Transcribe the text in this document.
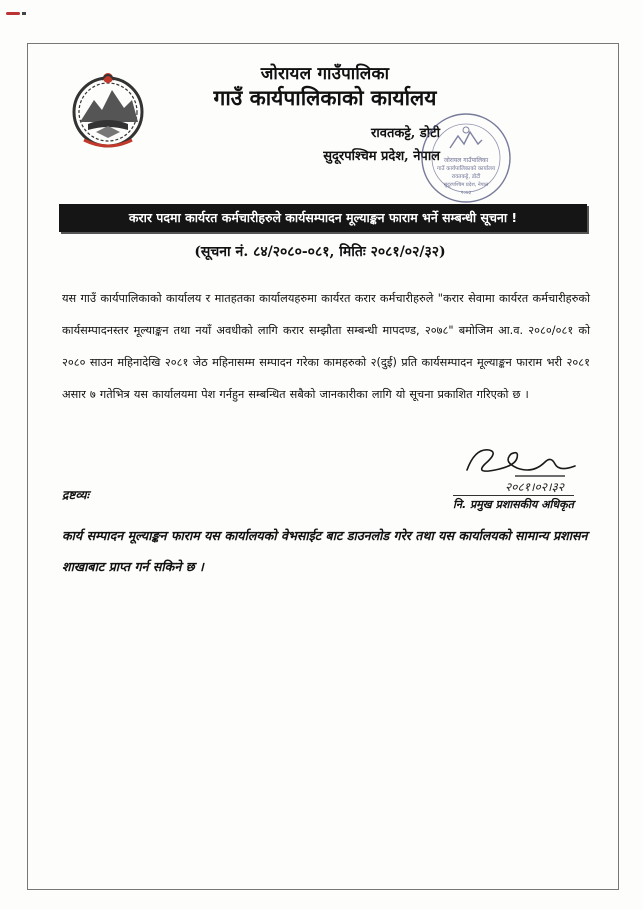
जोरायल गाउँपालिका
गाउँ कार्यपालिकाको कार्यालय
रावतकट्टे, डोटी
सुदूरपश्चिम प्रदेश, नेपाल जोरायल गाउँपालिका
गाउँ कार्यपालिकाको कार्यालय
रावतकट्टे, डोटी
सुदूरपश्चिम प्रदेश, नेपाल
२०७३
करार पदमा कार्यरत कर्मचारीहरुले कार्यसम्पादन मूल्याङ्कन फाराम भर्ने सम्बन्धी सूचना !
(सूचना नं. ८४/२०८०-०८१, मितिः २०८१/०२/३२)
यस गाउँ कार्यपालिकाको कार्यालय र मातहतका कार्यालयहरुमा कार्यरत करार कर्मचारीहरुले "करार सेवामा कार्यरत कर्मचारीहरुको कार्यसम्पादनस्तर मूल्याङ्कन तथा नयाँ अवधीको लागि करार सम्झौता सम्बन्धी मापदण्ड, २०७८" बमोजिम आ.व. २०८०/०८१ को २०८० साउन महिनादेखि २०८१ जेठ महिनासम्म सम्पादन गरेका कामहरुको २(दुई) प्रति कार्यसम्पादन मूल्याङ्कन फाराम भरी २०८१ असार ७ गतेभित्र यस कार्यालयमा पेश गर्नहुन सम्बन्धित सबैको जानकारीका लागि यो सूचना प्रकाशित गरिएको छ ।
२०८१।०२।३२
नि. प्रमुख प्रशासकीय अधिकृत
द्रष्टव्यः
कार्य सम्पादन मूल्याङ्कन फाराम यस कार्यालयको वेभसाईट बाट डाउनलोड गरेर तथा यस कार्यालयको सामान्य प्रशासन शाखाबाट प्राप्त गर्न सकिने छ ।
